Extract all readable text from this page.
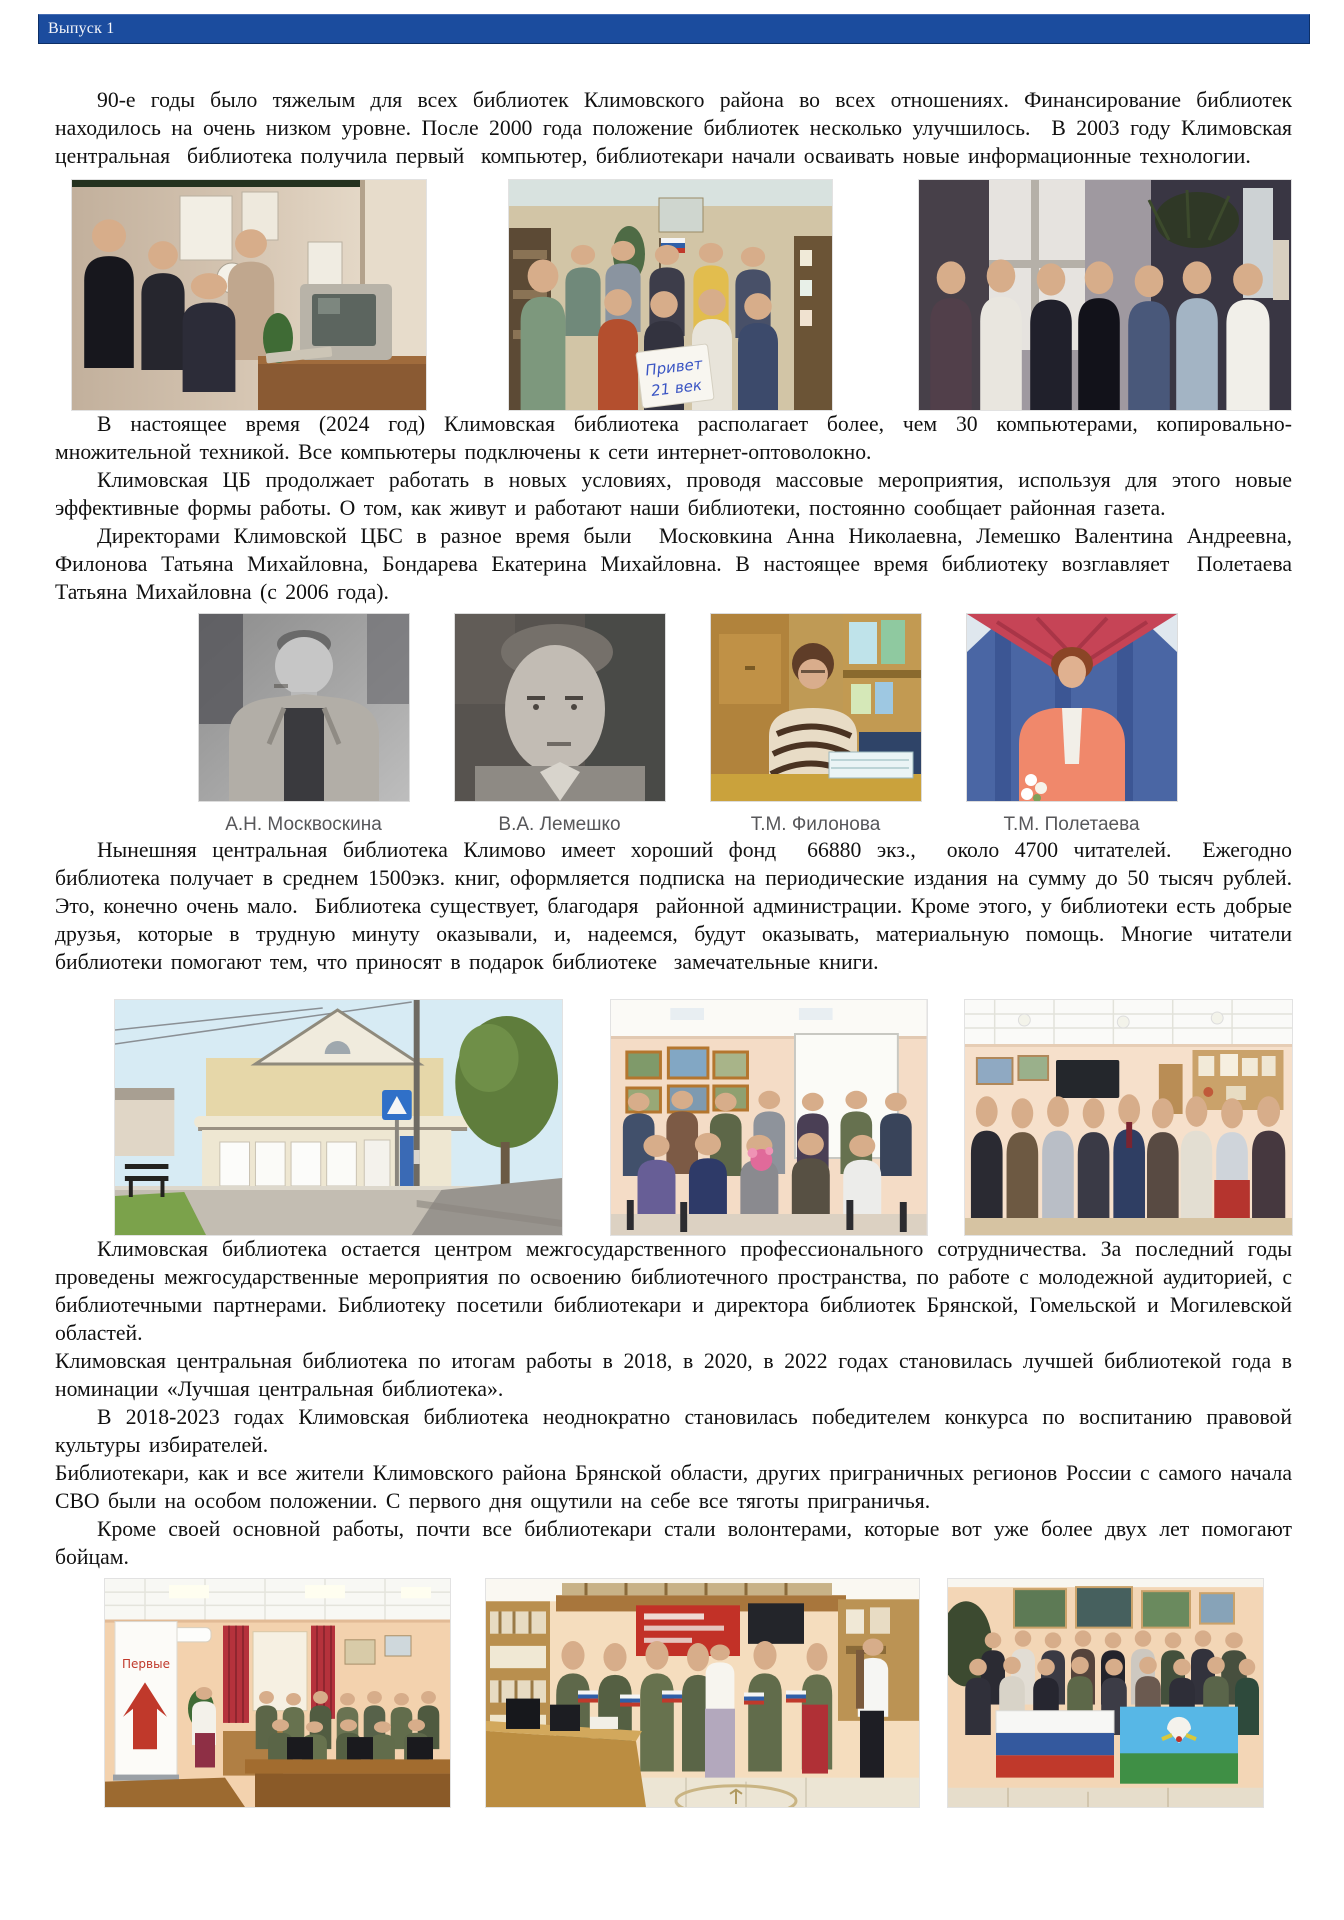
Выпуск 1

90-е годы было тяжелым для всех библиотек Климовского района во всех отношениях. Финансирование библиотек находилось на очень низком уровне. После 2000 года положение библиотек несколько улучшилось.  В 2003 году Климовская центральная  библиотека получила первый  компьютер, библиотекари начали осваивать новые информационные технологии.

Привет
21 век

В настоящее время (2024 год) Климовская библиотека располагает более, чем 30 компьютерами, копировально-множительной техникой. Все компьютеры подключены к сети интернет-оптоволокно.

Климовская ЦБ продолжает работать в новых условиях, проводя массовые мероприятия, используя для этого новые эффективные формы работы. О том, как живут и работают наши библиотеки, постоянно сообщает районная газета.

Директорами Климовской ЦБС в разное время были  Московкина Анна Николаевна, Лемешко Валентина Андреевна, Филонова Татьяна Михайловна, Бондарева Екатерина Михайловна. В настоящее время библиотеку возглавляет  Полетаева Татьяна Михайловна (с 2006 года).

А.Н. Москвоскина	В.А. Лемешко	Т.М. Филонова	Т.М. Полетаева

Нынешняя центральная библиотека Климово имеет хороший фонд  66880 экз.,  около 4700 читателей.  Ежегодно библиотека получает в среднем 1500экз. книг, оформляется подписка на периодические издания на сумму до 50 тысяч рублей. Это, конечно очень мало.  Библиотека существует, благодаря  районной администрации. Кроме этого, у библиотеки есть добрые друзья, которые в трудную минуту оказывали, и, надеемся, будут оказывать, материальную помощь. Многие читатели библиотеки помогают тем, что приносят в подарок библиотеке  замечательные книги.

Климовская библиотека остается центром межгосударственного профессионального сотрудничества. За последний годы проведены межгосударственные мероприятия по освоению библиотечного пространства, по работе с молодежной аудиторией, с библиотечными партнерами. Библиотеку посетили библиотекари и директора библиотек Брянской, Гомельской и Могилевской областей.

Климовская центральная библиотека по итогам работы в 2018, в 2020, в 2022 годах становилась лучшей библиотекой года в номинации «Лучшая центральная библиотека».

В 2018-2023 годах Климовская библиотека неоднократно становилась победителем конкурса по воспитанию правовой культуры избирателей.

Библиотекари, как и все жители Климовского района Брянской области, других приграничных регионов России с самого начала СВО были на особом положении. С первого дня ощутили на себе все тяготы приграничья.

Кроме своей основной работы, почти все библиотекари стали волонтерами, которые вот уже более двух лет помогают бойцам.

Первые
